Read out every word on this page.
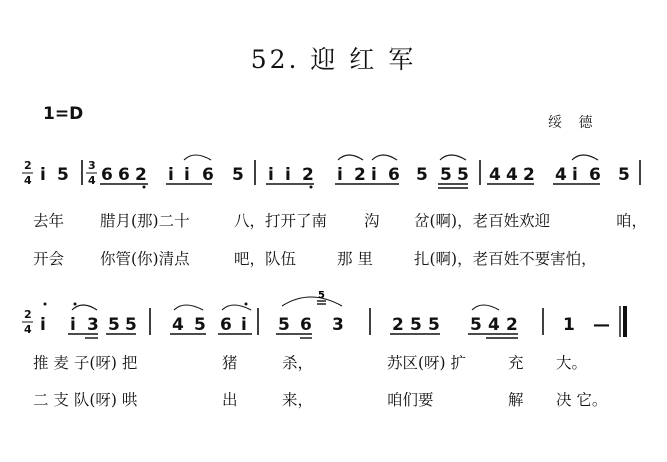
52. 迎 红 军
1=D	绥 德
2
4
3
4
i 5 6 6 2 i i 6 5 i i 2 i 2 i 6 5 5 5 4 4 2 4 i 6 5
去年 腊月(那)二十	八，打开了南 沟 岔(啊)，老百姓欢迎	咱，
开会 你管(你)清点	吧，队伍	那 里	扎(啊)，老百姓不要害怕，
2
4 i i 3 5 5 4 5 6 i 5 6 3	2 5 5 5 4 2	1 —
5
推 麦 子(呀) 把	猪	杀，	苏区(呀) 扩	充 大。
二 支 队(呀) 哄	出	来，	咱们要	解 决 它。
